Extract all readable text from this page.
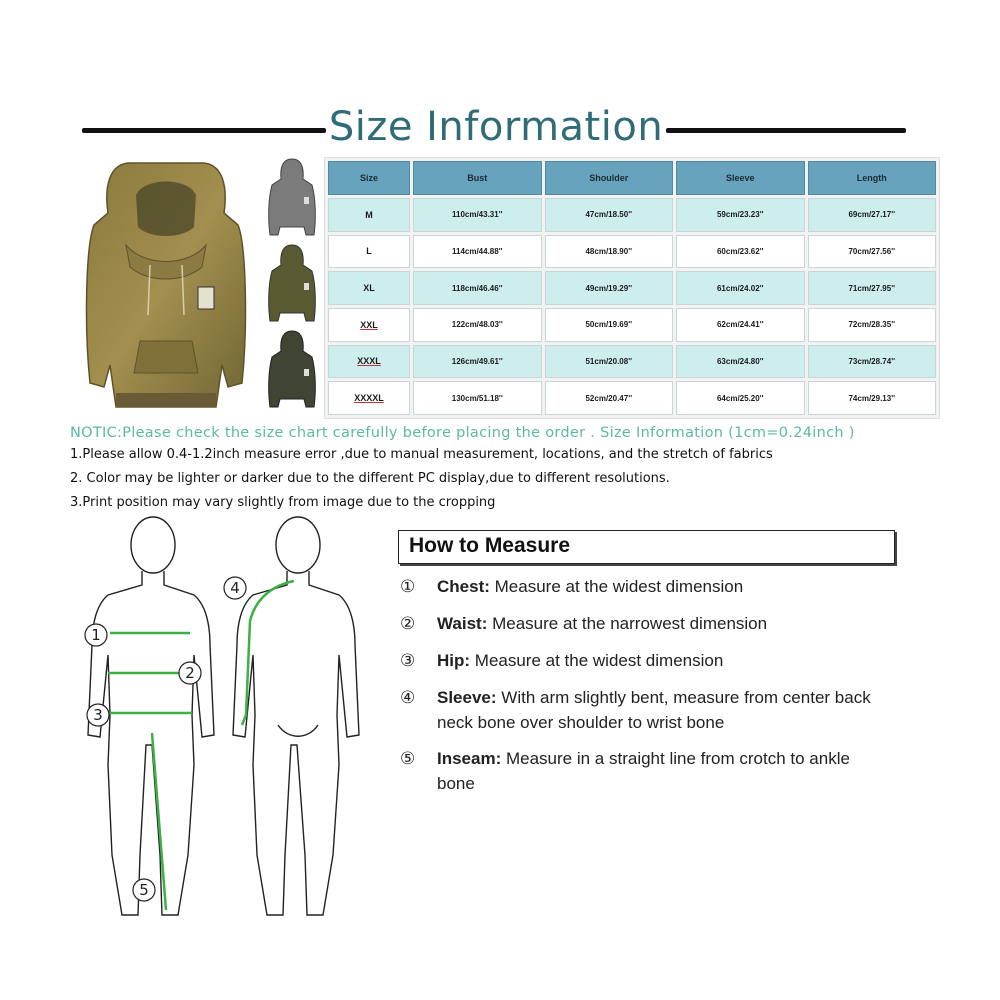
Size Information
Size	Bust	Shoulder	Sleeve	Length
M	110cm/43.31''	47cm/18.50''	59cm/23.23''	69cm/27.17''
L	114cm/44.88''	48cm/18.90''	60cm/23.62''	70cm/27.56''
XL	118cm/46.46''	49cm/19.29''	61cm/24.02''	71cm/27.95''
XXL	122cm/48.03''	50cm/19.69''	62cm/24.41''	72cm/28.35''
XXXL	126cm/49.61''	51cm/20.08''	63cm/24.80''	73cm/28.74''
XXXXL	130cm/51.18''	52cm/20.47''	64cm/25.20''	74cm/29.13''
NOTIC:Please check the size chart carefully before placing the order . Size Information (1cm=0.24inch )
1.Please allow 0.4-1.2inch measure error ,due to manual measurement, locations, and the stretch of fabrics
2. Color may be lighter or darker due to the different PC display,due to different resolutions.
3.Print position may vary slightly from image due to the cropping
1
2
3
4
5
How to Measure
①	Chest: Measure at the widest dimension
②	Waist: Measure at the narrowest dimension
③	Hip: Measure at the widest dimension
④	Sleeve: With arm slightly bent, measure from center back neck bone over shoulder to wrist bone
⑤	Inseam: Measure in a straight line from crotch to ankle bone
